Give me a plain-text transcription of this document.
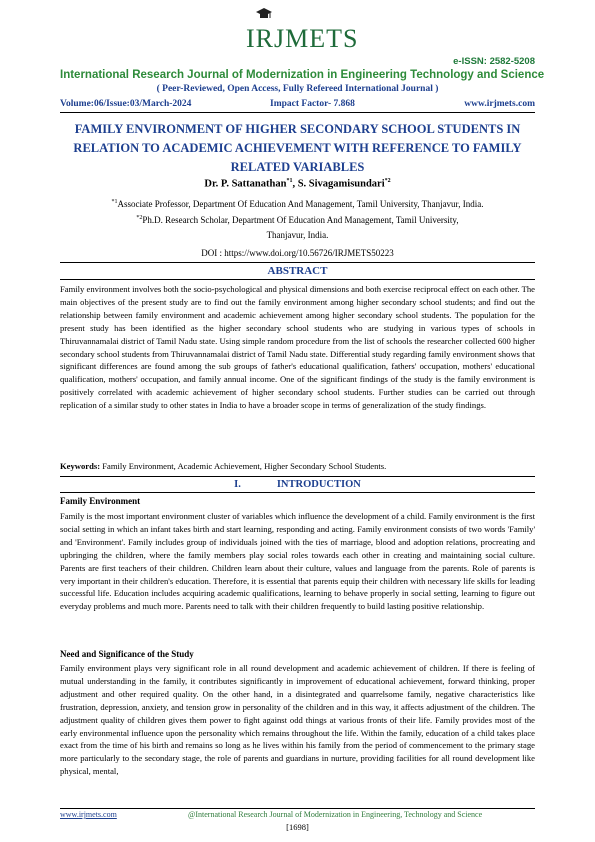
IRJMETS
e-ISSN: 2582-5208
International Research Journal of Modernization in Engineering Technology and Science
( Peer-Reviewed, Open Access, Fully Refereed International Journal )
Volume:06/Issue:03/March-2024	Impact Factor- 7.868	www.irjmets.com
FAMILY ENVIRONMENT OF HIGHER SECONDARY SCHOOL STUDENTS IN
RELATION TO ACADEMIC ACHIEVEMENT WITH REFERENCE TO FAMILY
RELATED VARIABLES
Dr. P. Sattanathan$^{*1}$, S. Sivagamisundari$^{*2}$
$^{*1}$Associate Professor, Department Of Education And Management, Tamil University, Thanjavur, India.
$^{*2}$Ph.D. Research Scholar, Department Of Education And Management, Tamil University,
Thanjavur, India.
DOI : https://www.doi.org/10.56726/IRJMETS50223
ABSTRACT
Family environment involves both the socio-psychological and physical dimensions and both exercise reciprocal effect on each other. The main objectives of the present study are to find out the family environment among higher secondary school students; and find out the relationship between family environment and academic achievement among higher secondary school students. The population for the present study has been identified as the higher secondary school students who are studying in various types of schools in Thiruvannamalai district of Tamil Nadu state. Using simple random procedure from the list of schools the researcher collected 600 higher secondary school students from Thiruvannamalai district of Tamil Nadu state. Differential study regarding family environment shows that significant differences are found among the sub groups of father's educational qualification, fathers' occupation, mothers' educational qualification, mothers' occupation, and family annual income. One of the significant findings of the study is the family environment is positively correlated with academic achievement of higher secondary school students. Further studies can be carried out through replication of a similar study to other states in India to have a broader scope in terms of generalization of the study findings.
Keywords: Family Environment, Academic Achievement, Higher Secondary School Students.
I.	INTRODUCTION
Family Environment
Family is the most important environment cluster of variables which influence the development of a child. Family environment is the first social setting in which an infant takes birth and start learning, responding and acting. Family environment consists of two words 'Family' and 'Environment'. Family includes group of individuals joined with the ties of marriage, blood and adoption relations, procreating and upbringing the children, where the family members play social roles towards each other in creating and maintaining social culture. Parents are first teachers of their children. Children learn about their culture, values and language from the parents. Role of parents is very important in their children's education. Therefore, it is essential that parents equip their children with necessary life skills for leading successful life. Education includes acquiring academic qualifications, learning to behave properly in social setting, learning to figure out everyday problems and much more. Parents need to talk with their children frequently to build lasting positive relationship.
Need and Significance of the Study
Family environment plays very significant role in all round development and academic achievement of children. If there is feeling of mutual understanding in the family, it contributes significantly in improvement of educational achievement, forward thinking, proper adjustment and other required quality. On the other hand, in a disintegrated and quarrelsome family, negative characteristics like frustration, depression, anxiety, and tension grow in personality of the children and in this way, it affects adjustment of the children. The adjustment quality of children gives them power to fight against odd things at various fronts of their life. Family provides most of the early environmental influence upon the personality which remains throughout the life. Within the family, education of a child takes place exact from the time of his birth and remains so long as he lives within his family from the period of commencement to the primary stage more particularly to the secondary stage, the role of parents and guardians in nurture, providing facilities for all round development like physical, mental,
www.irjmets.com	@International Research Journal of Modernization in Engineering, Technology and Science
[1698]
